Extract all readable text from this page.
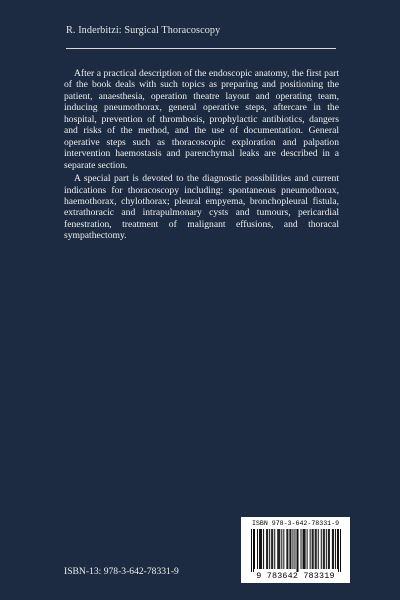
R. Inderbitzi: Surgical Thoracoscopy

After a practical description of the endoscopic anatomy, the first part of the book deals with such topics as preparing and positioning the patient, anaesthesia, operation theatre layout and operating team, inducing pneumothorax, general operative steps, aftercare in the hospital, prevention of thrombosis, prophylactic antibiotics, dangers and risks of the method, and the use of documentation. General operative steps such as thoracoscopic exploration and palpation intervention haemostasis and parenchymal leaks are described in a separate section.

A special part is devoted to the diagnostic possibilities and current indications for thoracoscopy including: spontaneous pneumothorax, haemothorax, chylothorax; pleural empyema, bronchopleural fistula, extrathoracic and intrapulmonary cysts and tumours, pericardial fenestration, treatment of malignant effusions, and thoracal sympathectomy.

ISBN-13: 978-3-642-78331-9
ISBN 978-3-642-78331-9
9 783642 783319
